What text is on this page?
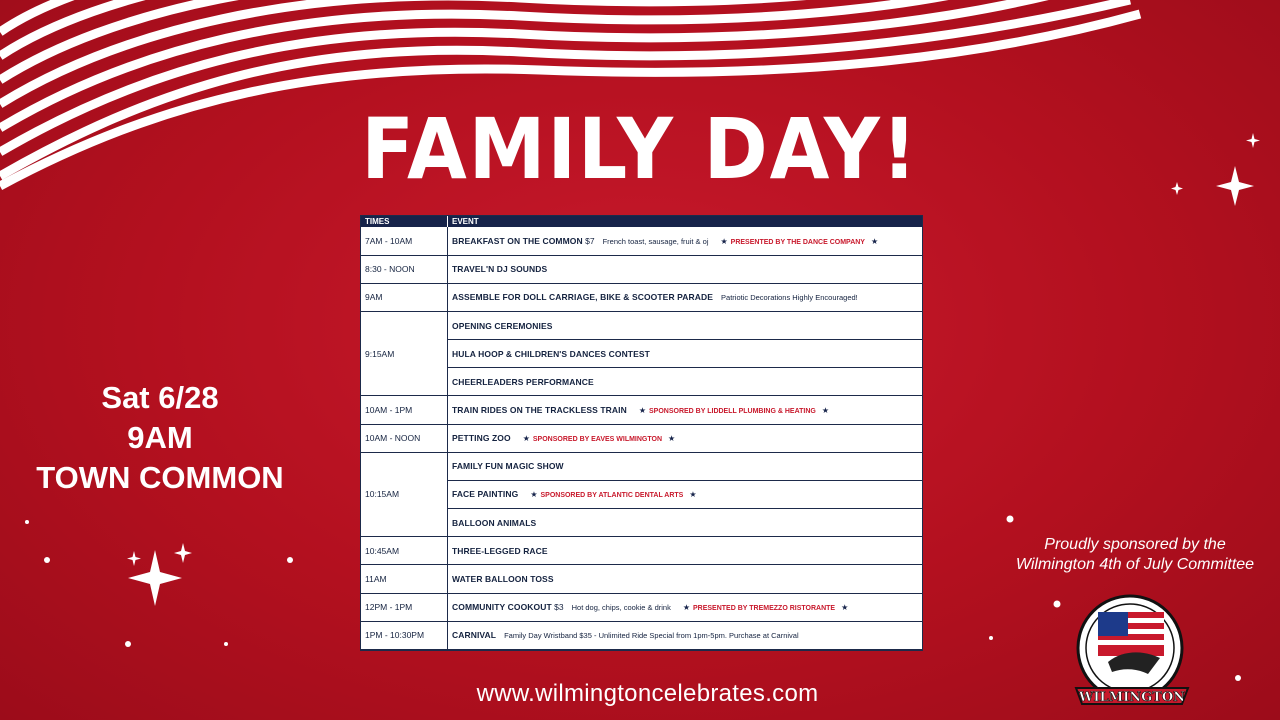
FAMILY DAY!
Sat 6/28
9AM
TOWN COMMON
TIMES	EVENT
7AM - 10AM	BREAKFAST ON THE COMMON $7 French toast, sausage, fruit & oj ★ PRESENTED BY THE DANCE COMPANY ★
8:30 - NOON	TRAVEL'N DJ SOUNDS
9AM	ASSEMBLE FOR DOLL CARRIAGE, BIKE & SCOOTER PARADE Patriotic Decorations Highly Encouraged!
9:15AM	OPENING CEREMONIES
	HULA HOOP & CHILDREN'S DANCES CONTEST
	CHEERLEADERS PERFORMANCE
10AM - 1PM	TRAIN RIDES ON THE TRACKLESS TRAIN ★ SPONSORED BY LIDDELL PLUMBING & HEATING ★
10AM - NOON	PETTING ZOO ★ SPONSORED BY EAVES WILMINGTON ★
10:15AM	FAMILY FUN MAGIC SHOW
	FACE PAINTING ★ SPONSORED BY ATLANTIC DENTAL ARTS ★
	BALLOON ANIMALS
10:45AM	THREE-LEGGED RACE
11AM	WATER BALLOON TOSS
12PM - 1PM	COMMUNITY COOKOUT $3 Hot dog, chips, cookie & drink ★ PRESENTED BY TREMEZZO RISTORANTE ★
1PM - 10:30PM	CARNIVAL Family Day Wristband $35 - Unlimited Ride Special from 1pm-5pm. Purchase at Carnival
Proudly sponsored by the
Wilmington 4th of July Committee
WILMINGTON
www.wilmingtoncelebrates.com
